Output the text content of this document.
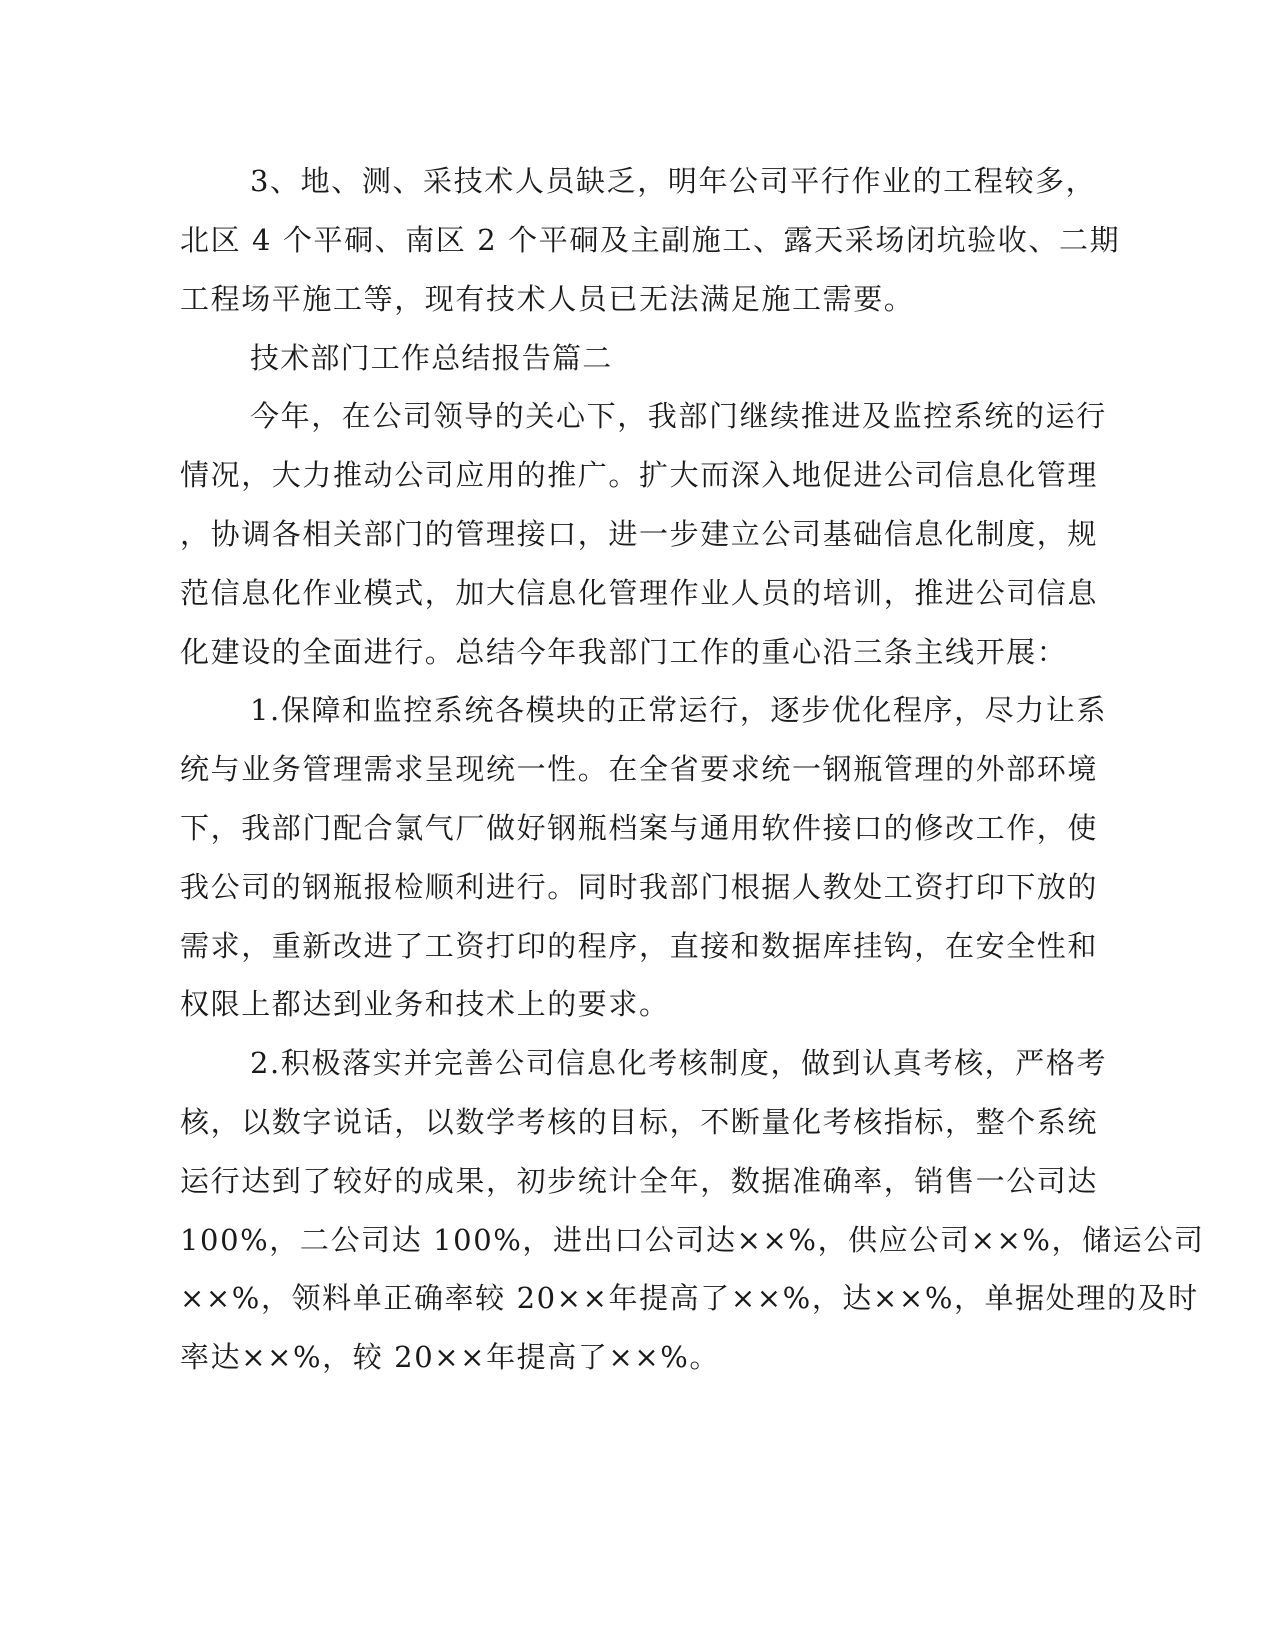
3、地、测、采技术人员缺乏，明年公司平行作业的工程较多，

北区 4 个平硐、南区 2 个平硐及主副施工、露天采场闭坑验收、二期

工程场平施工等，现有技术人员已无法满足施工需要。

技术部门工作总结报告篇二

今年，在公司领导的关心下，我部门继续推进及监控系统的运行

情况，大力推动公司应用的推广。扩大而深入地促进公司信息化管理

，协调各相关部门的管理接口，进一步建立公司基础信息化制度，规

范信息化作业模式，加大信息化管理作业人员的培训，推进公司信息

化建设的全面进行。总结今年我部门工作的重心沿三条主线开展：

1.保障和监控系统各模块的正常运行，逐步优化程序，尽力让系

统与业务管理需求呈现统一性。在全省要求统一钢瓶管理的外部环境

下，我部门配合氯气厂做好钢瓶档案与通用软件接口的修改工作，使

我公司的钢瓶报检顺利进行。同时我部门根据人教处工资打印下放的

需求，重新改进了工资打印的程序，直接和数据库挂钩，在安全性和

权限上都达到业务和技术上的要求。

2.积极落实并完善公司信息化考核制度，做到认真考核，严格考

核，以数字说话，以数学考核的目标，不断量化考核指标，整个系统

运行达到了较好的成果，初步统计全年，数据准确率，销售一公司达

100%，二公司达 100%，进出口公司达××%，供应公司××%，储运公司

××%，领料单正确率较 20××年提高了××%，达××%，单据处理的及时

率达××%，较 20××年提高了××%。
